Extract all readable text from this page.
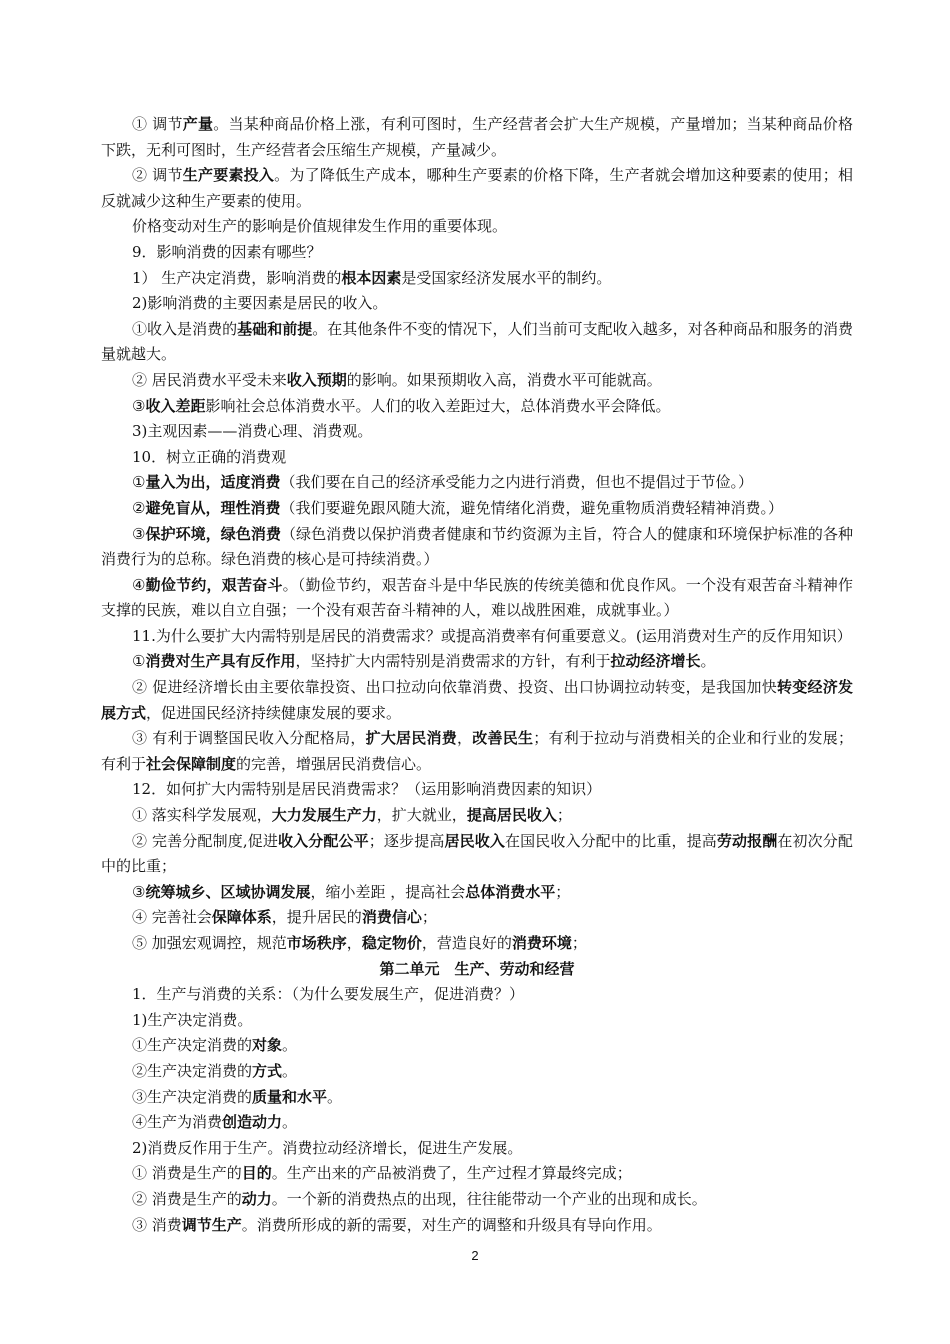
① 调节产量。当某种商品价格上涨，有利可图时，生产经营者会扩大生产规模，产量增加；当某种商品价格下跌，无利可图时，生产经营者会压缩生产规模，产量减少。

② 调节生产要素投入。为了降低生产成本，哪种生产要素的价格下降，生产者就会增加这种要素的使用；相反就减少这种生产要素的使用。

价格变动对生产的影响是价值规律发生作用的重要体现。

9．影响消费的因素有哪些？

1） 生产决定消费，影响消费的根本因素是受国家经济发展水平的制约。

2)影响消费的主要因素是居民的收入。

①收入是消费的基础和前提。在其他条件不变的情况下，人们当前可支配收入越多，对各种商品和服务的消费量就越大。

② 居民消费水平受未来收入预期的影响。如果预期收入高，消费水平可能就高。

③收入差距影响社会总体消费水平。人们的收入差距过大，总体消费水平会降低。

3)主观因素——消费心理、消费观。

10．树立正确的消费观

①量入为出，适度消费（我们要在自己的经济承受能力之内进行消费，但也不提倡过于节俭。）

②避免盲从，理性消费（我们要避免跟风随大流，避免情绪化消费，避免重物质消费轻精神消费。）

③保护环境，绿色消费（绿色消费以保护消费者健康和节约资源为主旨，符合人的健康和环境保护标准的各种消费行为的总称。绿色消费的核心是可持续消费。）

④勤俭节约，艰苦奋斗。（勤俭节约，艰苦奋斗是中华民族的传统美德和优良作风。一个没有艰苦奋斗精神作支撑的民族，难以自立自强；一个没有艰苦奋斗精神的人，难以战胜困难，成就事业。）

11.为什么要扩大内需特别是居民的消费需求？或提高消费率有何重要意义。(运用消费对生产的反作用知识）

①消费对生产具有反作用，坚持扩大内需特别是消费需求的方针，有利于拉动经济增长。

② 促进经济增长由主要依靠投资、出口拉动向依靠消费、投资、出口协调拉动转变，是我国加快转变经济发展方式，促进国民经济持续健康发展的要求。

③ 有利于调整国民收入分配格局，扩大居民消费，改善民生；有利于拉动与消费相关的企业和行业的发展；有利于社会保障制度的完善，增强居民消费信心。

12．如何扩大内需特别是居民消费需求？（运用影响消费因素的知识）

① 落实科学发展观，大力发展生产力，扩大就业，提高居民收入；

② 完善分配制度,促进收入分配公平；逐步提高居民收入在国民收入分配中的比重，提高劳动报酬在初次分配中的比重；

③统筹城乡、区域协调发展，缩小差距 ，提高社会总体消费水平；

④ 完善社会保障体系，提升居民的消费信心；

⑤ 加强宏观调控，规范市场秩序，稳定物价，营造良好的消费环境；

第二单元　生产、劳动和经营

1．生产与消费的关系：（为什么要发展生产，促进消费？）

1)生产决定消费。

①生产决定消费的对象。

②生产决定消费的方式。

③生产决定消费的质量和水平。

④生产为消费创造动力。

2)消费反作用于生产。消费拉动经济增长，促进生产发展。

① 消费是生产的目的。生产出来的产品被消费了，生产过程才算最终完成；

② 消费是生产的动力。一个新的消费热点的出现，往往能带动一个产业的出现和成长。

③ 消费调节生产。消费所形成的新的需要，对生产的调整和升级具有导向作用。

2
